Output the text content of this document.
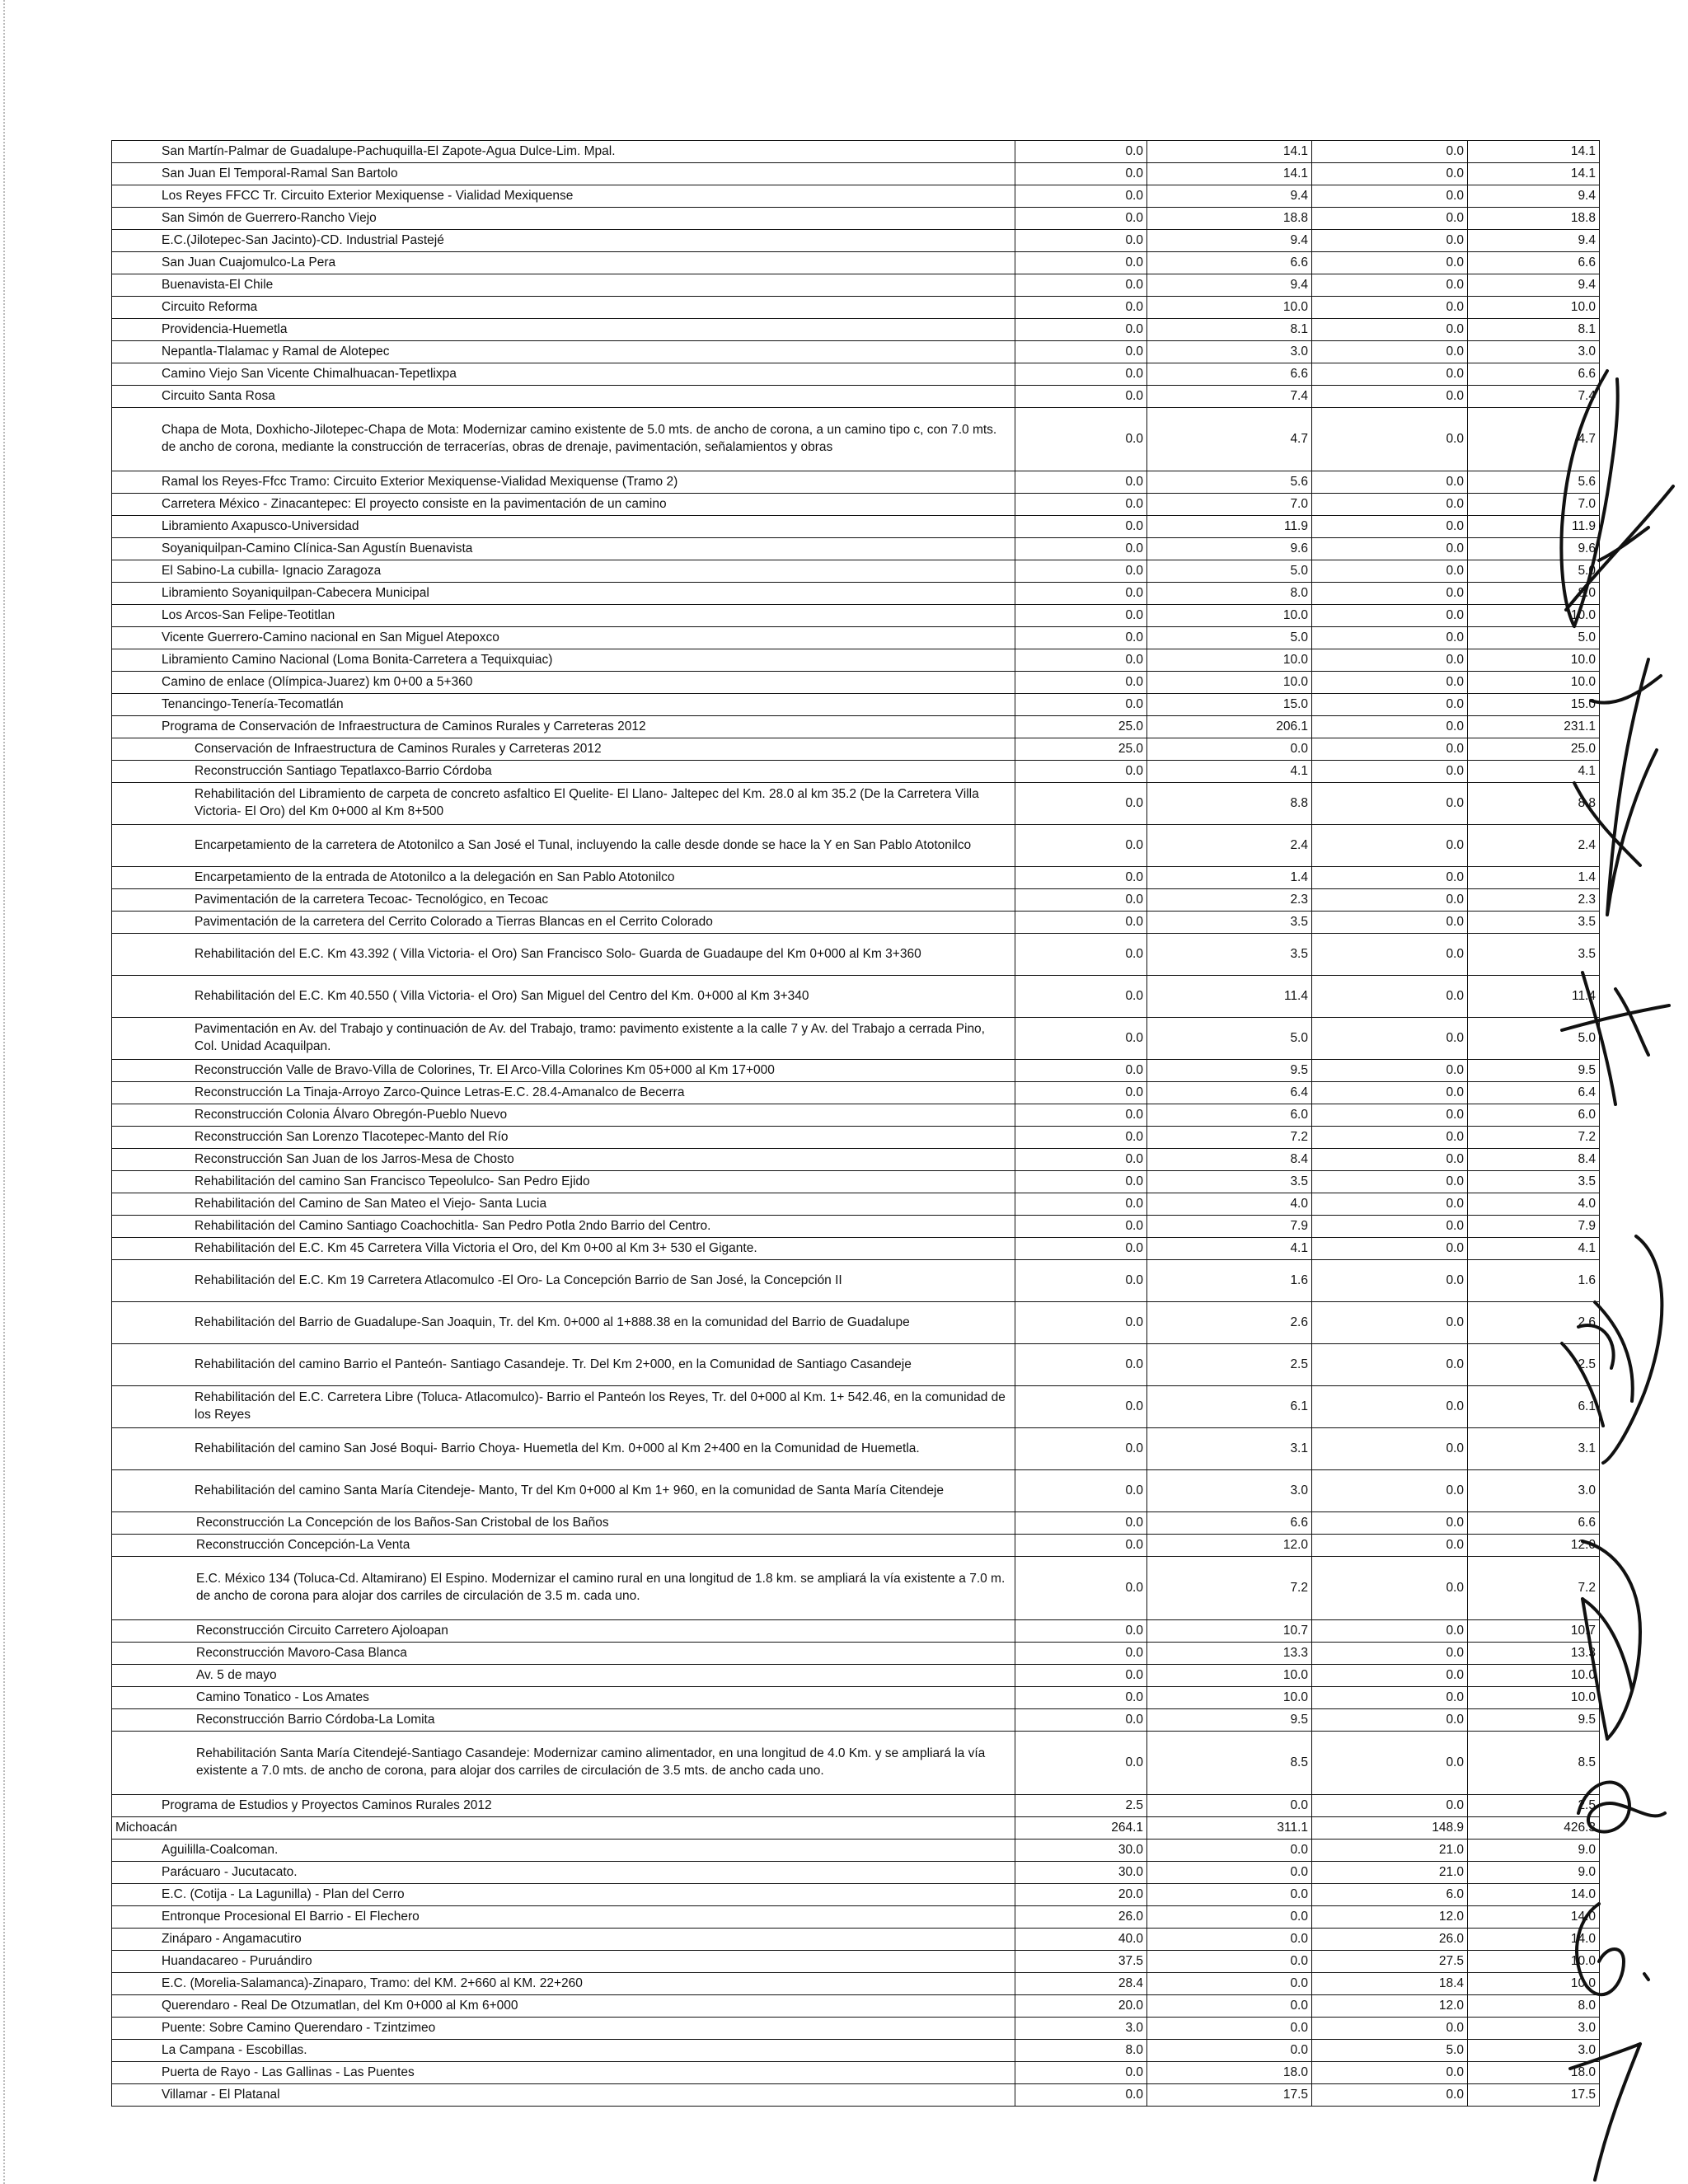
San Martín-Palmar de Guadalupe-Pachuquilla-El Zapote-Agua Dulce-Lim. Mpal.	0.0	14.1	0.0	14.1
San Juan El Temporal-Ramal San Bartolo	0.0	14.1	0.0	14.1
Los Reyes FFCC Tr. Circuito Exterior Mexiquense - Vialidad Mexiquense	0.0	9.4	0.0	9.4
San Simón de Guerrero-Rancho Viejo	0.0	18.8	0.0	18.8
E.C.(Jilotepec-San Jacinto)-CD. Industrial Pastejé	0.0	9.4	0.0	9.4
San Juan Cuajomulco-La Pera	0.0	6.6	0.0	6.6
Buenavista-El Chile	0.0	9.4	0.0	9.4
Circuito Reforma	0.0	10.0	0.0	10.0
Providencia-Huemetla	0.0	8.1	0.0	8.1
Nepantla-Tlalamac y Ramal de Alotepec	0.0	3.0	0.0	3.0
Camino Viejo San Vicente Chimalhuacan-Tepetlixpa	0.0	6.6	0.0	6.6
Circuito Santa Rosa	0.0	7.4	0.0	7.4
Chapa de Mota, Doxhicho-Jilotepec-Chapa de Mota: Modernizar camino existente de 5.0 mts. de ancho de corona, a un camino tipo c, con 7.0 mts. de ancho de corona, mediante la construcción de terracerías, obras de drenaje, pavimentación, señalamientos y obras	0.0	4.7	0.0	4.7
Ramal los Reyes-Ffcc Tramo: Circuito Exterior Mexiquense-Vialidad Mexiquense (Tramo 2)	0.0	5.6	0.0	5.6
Carretera México - Zinacantepec: El proyecto consiste en la pavimentación de un camino	0.0	7.0	0.0	7.0
Libramiento Axapusco-Universidad	0.0	11.9	0.0	11.9
Soyaniquilpan-Camino Clínica-San Agustín Buenavista	0.0	9.6	0.0	9.6
El Sabino-La cubilla- Ignacio Zaragoza	0.0	5.0	0.0	5.0
Libramiento Soyaniquilpan-Cabecera Municipal	0.0	8.0	0.0	8.0
Los Arcos-San Felipe-Teotitlan	0.0	10.0	0.0	10.0
Vicente Guerrero-Camino nacional en San Miguel Atepoxco	0.0	5.0	0.0	5.0
Libramiento Camino Nacional (Loma Bonita-Carretera a Tequixquiac)	0.0	10.0	0.0	10.0
Camino de enlace (Olímpica-Juarez) km 0+00 a 5+360	0.0	10.0	0.0	10.0
Tenancingo-Tenería-Tecomatlán	0.0	15.0	0.0	15.0
Programa de Conservación de Infraestructura de Caminos Rurales y Carreteras 2012	25.0	206.1	0.0	231.1
Conservación de Infraestructura de Caminos Rurales y Carreteras 2012	25.0	0.0	0.0	25.0
Reconstrucción Santiago Tepatlaxco-Barrio Córdoba	0.0	4.1	0.0	4.1
Rehabilitación del Libramiento de carpeta de concreto asfaltico El Quelite- El Llano- Jaltepec del Km. 28.0 al km 35.2 (De la Carretera Villa Victoria- El Oro) del Km 0+000 al Km 8+500	0.0	8.8	0.0	8.8
Encarpetamiento de la carretera de Atotonilco a San José el Tunal, incluyendo la calle desde donde se hace la Y en San Pablo Atotonilco	0.0	2.4	0.0	2.4
Encarpetamiento de la entrada de Atotonilco a la delegación en San Pablo Atotonilco	0.0	1.4	0.0	1.4
Pavimentación de la carretera Tecoac- Tecnológico, en Tecoac	0.0	2.3	0.0	2.3
Pavimentación de la carretera del Cerrito Colorado a Tierras Blancas en el Cerrito Colorado	0.0	3.5	0.0	3.5
Rehabilitación del E.C. Km 43.392 ( Villa Victoria- el Oro) San Francisco Solo- Guarda de Guadaupe del Km 0+000 al Km 3+360	0.0	3.5	0.0	3.5
Rehabilitación del E.C. Km 40.550 ( Villa Victoria- el Oro) San Miguel del Centro del Km. 0+000 al Km 3+340	0.0	11.4	0.0	11.4
Pavimentación en Av. del Trabajo y continuación de Av. del Trabajo, tramo: pavimento existente a la calle 7 y Av. del Trabajo a cerrada Pino, Col. Unidad Acaquilpan.	0.0	5.0	0.0	5.0
Reconstrucción Valle de Bravo-Villa de Colorines, Tr. El Arco-Villa Colorines Km 05+000 al Km 17+000	0.0	9.5	0.0	9.5
Reconstrucción La Tinaja-Arroyo Zarco-Quince Letras-E.C. 28.4-Amanalco de Becerra	0.0	6.4	0.0	6.4
Reconstrucción Colonia Álvaro Obregón-Pueblo Nuevo	0.0	6.0	0.0	6.0
Reconstrucción San Lorenzo Tlacotepec-Manto del Río	0.0	7.2	0.0	7.2
Reconstrucción San Juan de los Jarros-Mesa de Chosto	0.0	8.4	0.0	8.4
Rehabilitación del camino San Francisco Tepeolulco- San Pedro Ejido	0.0	3.5	0.0	3.5
Rehabilitación del Camino de San Mateo el Viejo- Santa Lucia	0.0	4.0	0.0	4.0
Rehabilitación del Camino Santiago Coachochitla- San Pedro Potla 2ndo Barrio del Centro.	0.0	7.9	0.0	7.9
Rehabilitación del E.C. Km 45 Carretera Villa Victoria el Oro, del Km 0+00 al Km 3+ 530 el Gigante.	0.0	4.1	0.0	4.1
Rehabilitación del E.C. Km 19 Carretera Atlacomulco -El Oro- La Concepción Barrio de San José, la Concepción II	0.0	1.6	0.0	1.6
Rehabilitación del Barrio de Guadalupe-San Joaquin, Tr. del Km. 0+000 al 1+888.38 en la comunidad del Barrio de Guadalupe	0.0	2.6	0.0	2.6
Rehabilitación del camino Barrio el Panteón- Santiago Casandeje. Tr. Del Km 2+000, en la Comunidad de Santiago Casandeje	0.0	2.5	0.0	2.5
Rehabilitación del E.C. Carretera Libre (Toluca- Atlacomulco)- Barrio el Panteón los Reyes, Tr. del 0+000 al Km. 1+ 542.46, en la comunidad de los Reyes	0.0	6.1	0.0	6.1
Rehabilitación del camino San José Boqui- Barrio Choya- Huemetla del Km. 0+000 al Km 2+400 en la Comunidad de Huemetla.	0.0	3.1	0.0	3.1
Rehabilitación del camino Santa María Citendeje- Manto, Tr del Km 0+000 al Km 1+ 960, en la comunidad de Santa María Citendeje	0.0	3.0	0.0	3.0
Reconstrucción La Concepción de los Baños-San Cristobal de los Baños	0.0	6.6	0.0	6.6
Reconstrucción Concepción-La Venta	0.0	12.0	0.0	12.0
E.C. México 134 (Toluca-Cd. Altamirano) El Espino. Modernizar el camino rural en una longitud de 1.8 km. se ampliará la vía existente a 7.0 m. de ancho de corona para alojar dos carriles de circulación de 3.5 m. cada uno.	0.0	7.2	0.0	7.2
Reconstrucción Circuito Carretero Ajoloapan	0.0	10.7	0.0	10.7
Reconstrucción Mavoro-Casa Blanca	0.0	13.3	0.0	13.3
Av. 5 de mayo	0.0	10.0	0.0	10.0
Camino Tonatico - Los Amates	0.0	10.0	0.0	10.0
Reconstrucción Barrio Córdoba-La Lomita	0.0	9.5	0.0	9.5
Rehabilitación Santa María Citendejé-Santiago Casandeje: Modernizar camino alimentador, en una longitud de 4.0 Km. y se ampliará la vía existente a 7.0 mts. de ancho de corona, para alojar dos carriles de circulación de 3.5 mts. de ancho cada uno.	0.0	8.5	0.0	8.5
Programa de Estudios y Proyectos Caminos Rurales 2012	2.5	0.0	0.0	2.5
Michoacán	264.1	311.1	148.9	426.3
Aguililla-Coalcoman.	30.0	0.0	21.0	9.0
Parácuaro - Jucutacato.	30.0	0.0	21.0	9.0
E.C. (Cotija - La Lagunilla) - Plan del Cerro	20.0	0.0	6.0	14.0
Entronque Procesional El Barrio - El Flechero	26.0	0.0	12.0	14.0
Zináparo - Angamacutiro	40.0	0.0	26.0	14.0
Huandacareo - Puruándiro	37.5	0.0	27.5	10.0
E.C. (Morelia-Salamanca)-Zinaparo, Tramo: del KM. 2+660 al KM. 22+260	28.4	0.0	18.4	10.0
Querendaro - Real De Otzumatlan, del Km 0+000 al Km 6+000	20.0	0.0	12.0	8.0
Puente: Sobre Camino Querendaro - Tzintzimeo	3.0	0.0	0.0	3.0
La Campana - Escobillas.	8.0	0.0	5.0	3.0
Puerta de Rayo - Las Gallinas - Las Puentes	0.0	18.0	0.0	18.0
Villamar - El Platanal	0.0	17.5	0.0	17.5
